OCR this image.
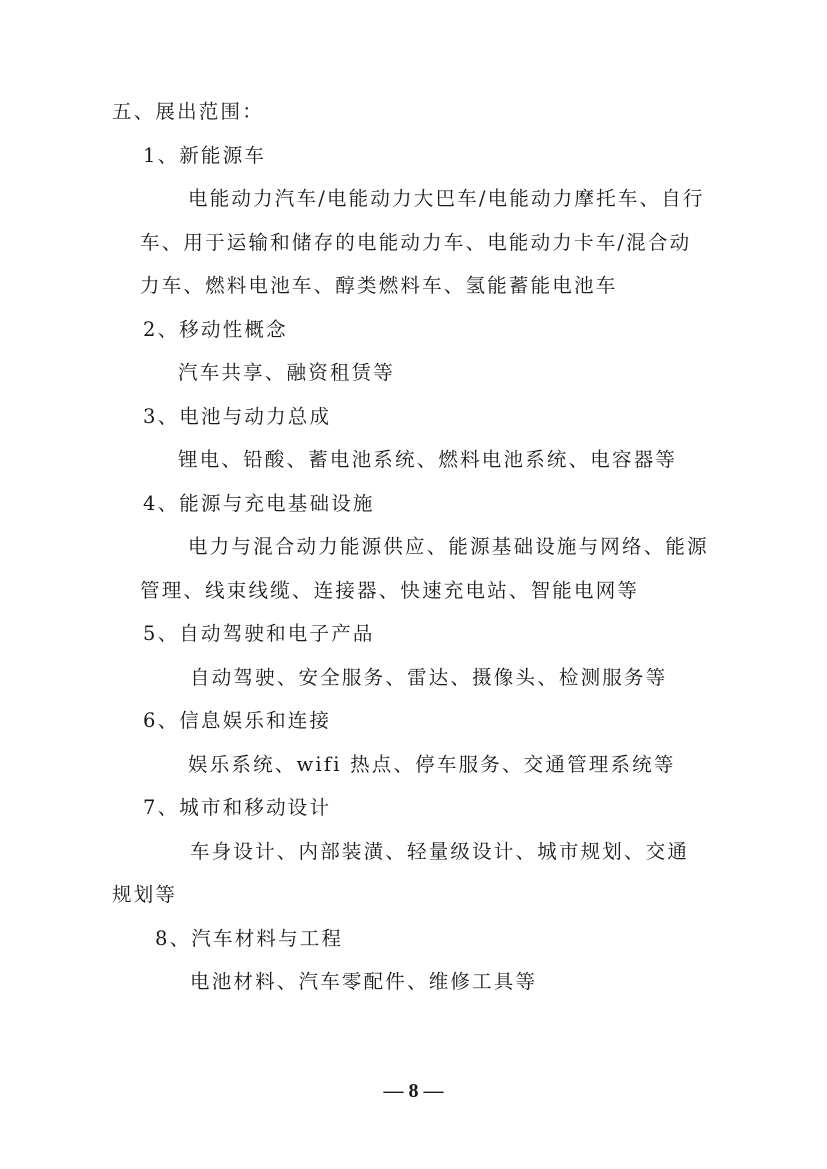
五、展出范围：
1、新能源车
电能动力汽车/电能动力大巴车/电能动力摩托车、自行
车、用于运输和储存的电能动力车、电能动力卡车/混合动
力车、燃料电池车、醇类燃料车、氢能蓄能电池车
2、移动性概念
汽车共享、融资租赁等
3、电池与动力总成
锂电、铅酸、蓄电池系统、燃料电池系统、电容器等
4、能源与充电基础设施
电力与混合动力能源供应、能源基础设施与网络、能源
管理、线束线缆、连接器、快速充电站、智能电网等
5、自动驾驶和电子产品
自动驾驶、安全服务、雷达、摄像头、检测服务等
6、信息娱乐和连接
娱乐系统、wifi 热点、停车服务、交通管理系统等
7、城市和移动设计
车身设计、内部装潢、轻量级设计、城市规划、交通
规划等
8、汽车材料与工程
电池材料、汽车零配件、维修工具等
— 8 —
